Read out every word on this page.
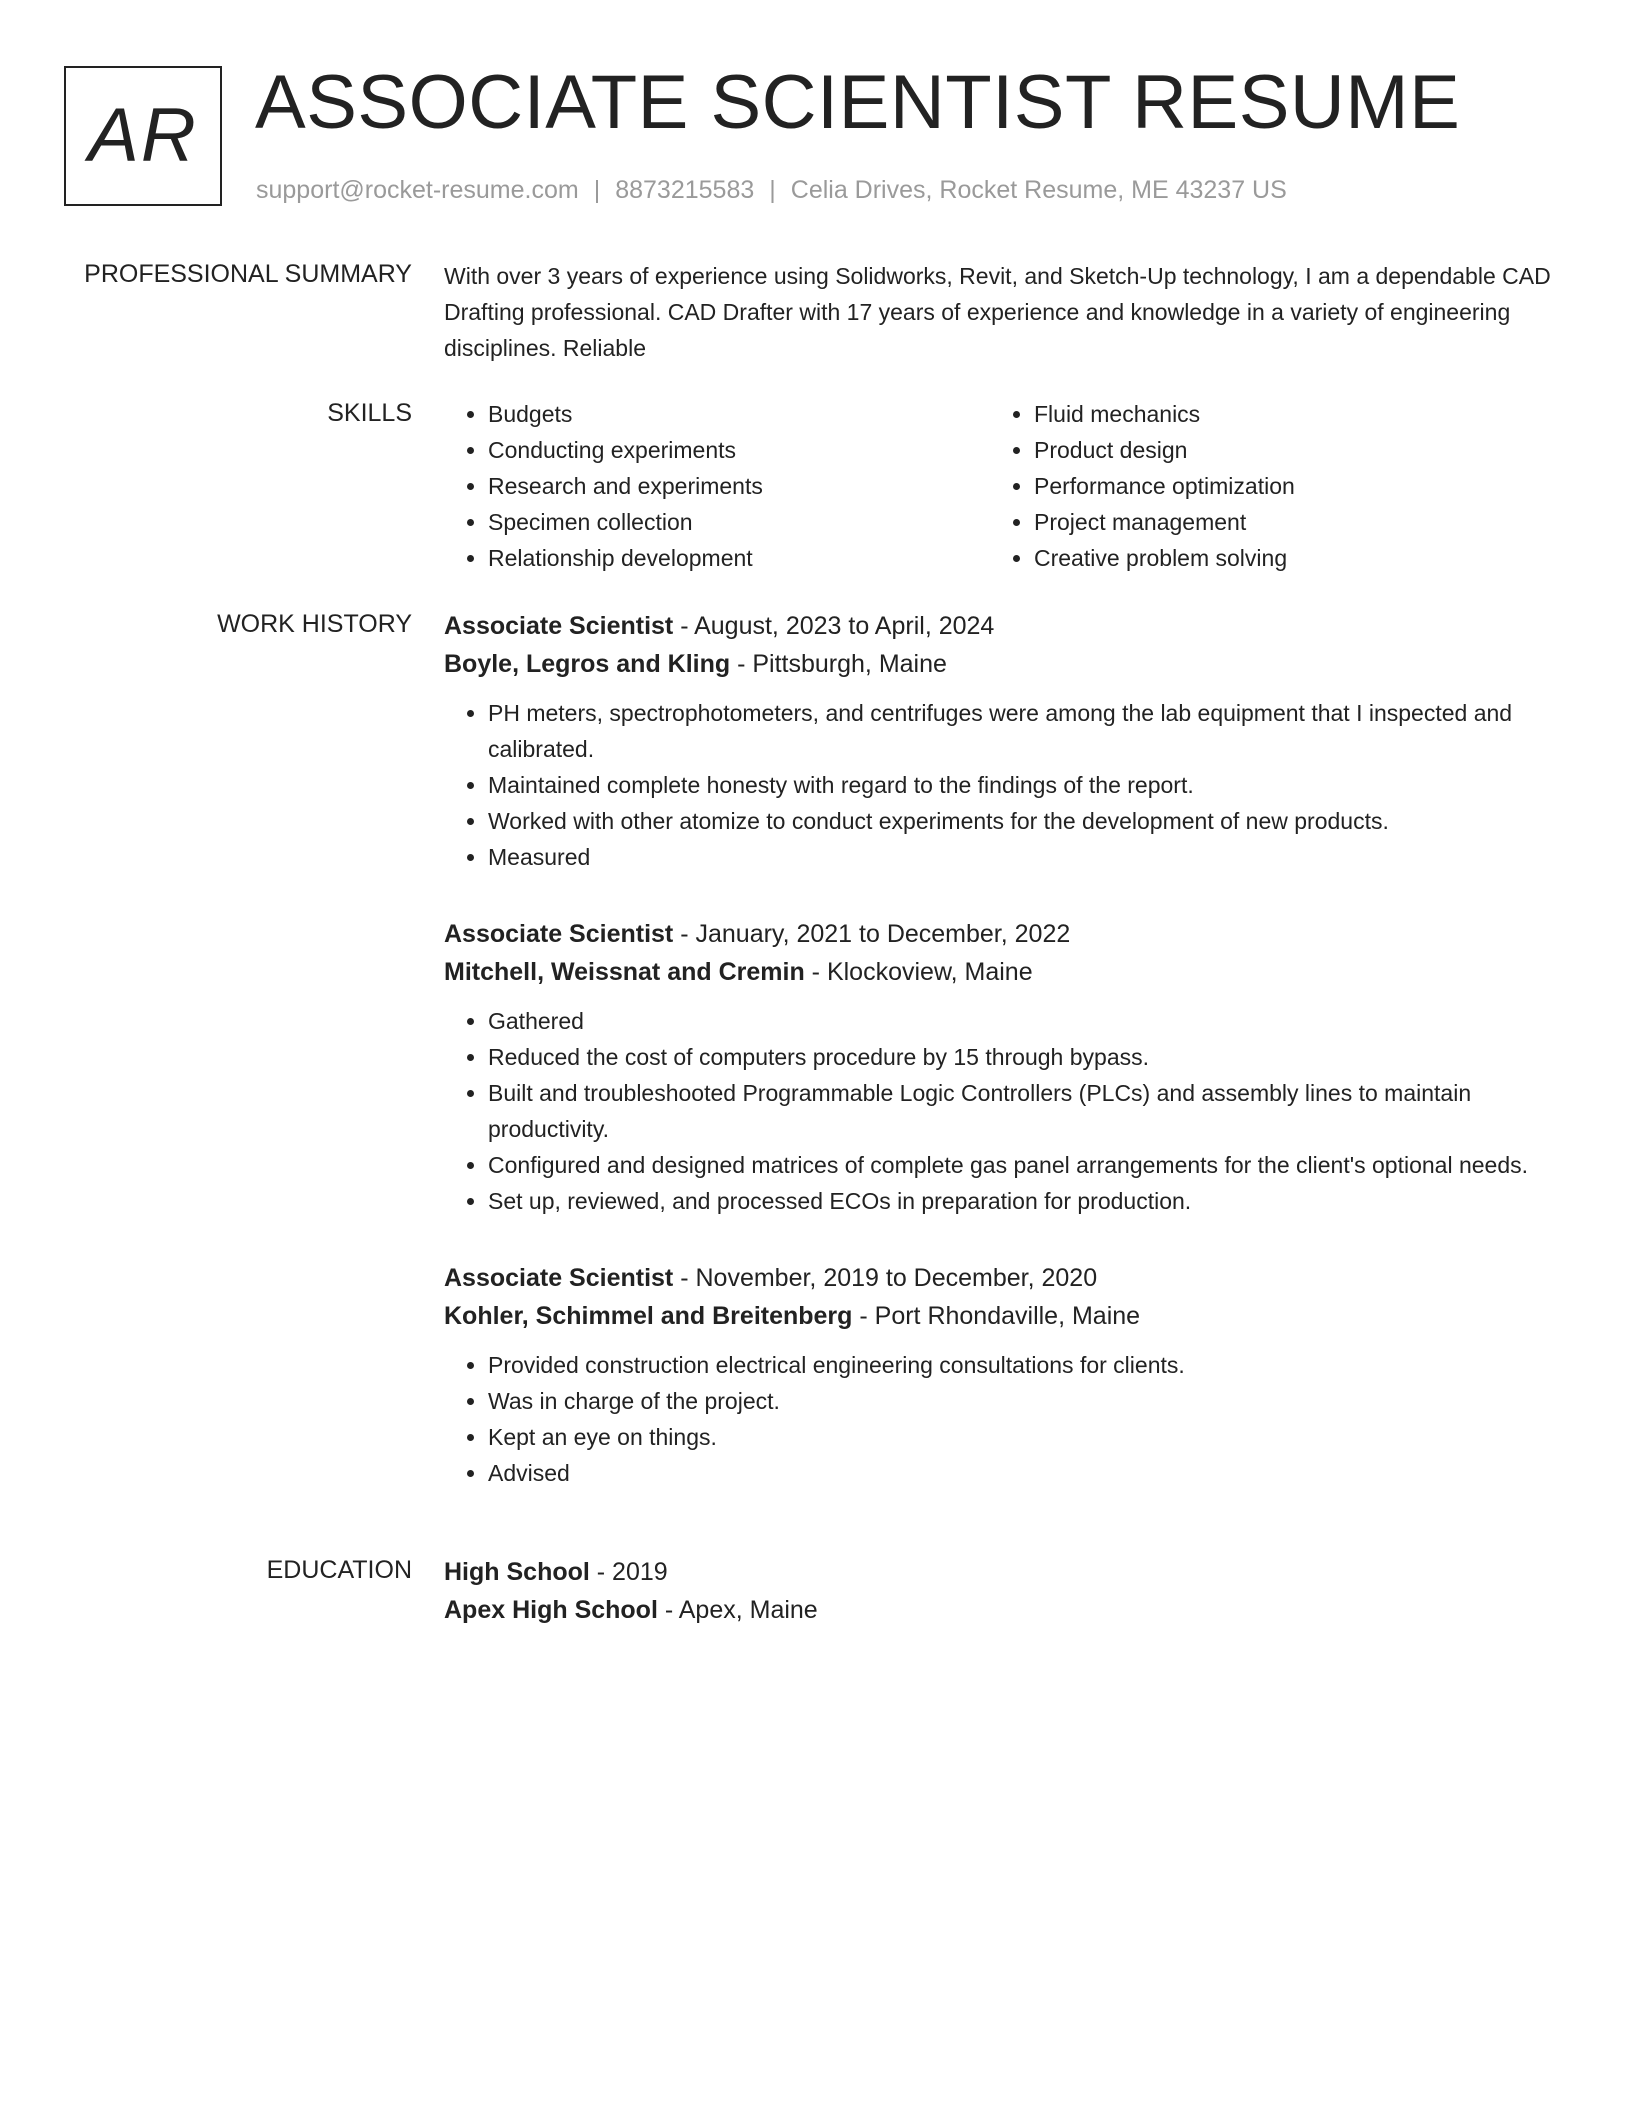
AR ASSOCIATE SCIENTIST RESUME
support@rocket-resume.com | 8873215583 | Celia Drives, Rocket Resume, ME 43237 US
PROFESSIONAL SUMMARY With over 3 years of experience using Solidworks, Revit, and Sketch-Up technology, I am a dependable CAD Drafting professional. CAD Drafter with 17 years of experience and knowledge in a variety of engineering disciplines. Reliable

SKILLS
•	Budgets
• Conducting experiments
• Research and experiments
• Specimen collection
• Relationship development
• Fluid mechanics
• Product design
• Performance optimization
• Project management
• Creative problem solving
WORK HISTORY Associate Scientist - August, 2023 to April, 2024
Boyle, Legros and Kling - Pittsburgh, Maine
• PH meters, spectrophotometers, and centrifuges were among the lab equipment that I inspected and calibrated.
• Maintained complete honesty with regard to the findings of the report.
• Worked with other atomize to conduct experiments for the development of new products.
• Measured
Associate Scientist - January, 2021 to December, 2022
Mitchell, Weissnat and Cremin - Klockoview, Maine
• Gathered
• Reduced the cost of computers procedure by 15 through bypass.
• Built and troubleshooted Programmable Logic Controllers (PLCs) and assembly lines to maintain productivity.
• Configured and designed matrices of complete gas panel arrangements for the client's optional needs.
• Set up, reviewed, and processed ECOs in preparation for production.
Associate Scientist - November, 2019 to December, 2020
Kohler, Schimmel and Breitenberg - Port Rhondaville, Maine
• Provided construction electrical engineering consultations for clients.
• Was in charge of the project.
• Kept an eye on things.
• Advised
EDUCATION High School - 2019
Apex High School - Apex, Maine
